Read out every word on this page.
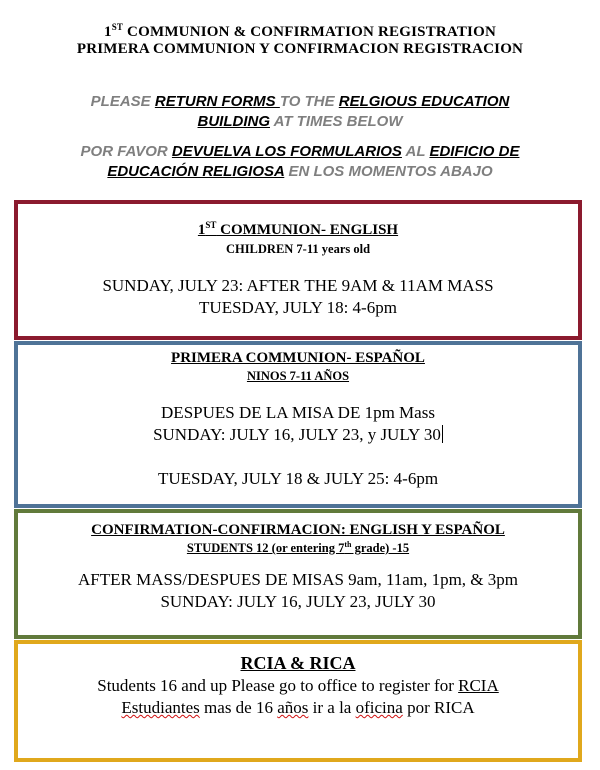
1ST COMMUNION & CONFIRMATION REGISTRATION
PRIMERA COMMUNION Y CONFIRMACION REGISTRACION
PLEASE RETURN FORMS TO THE RELGIOUS EDUCATION
BUILDING AT TIMES BELOW
POR FAVOR DEVUELVA LOS FORMULARIOS AL EDIFICIO DE
EDUCACIÓN RELIGIOSA EN LOS MOMENTOS ABAJO
1ST COMMUNION- ENGLISH
CHILDREN 7-11 years old
SUNDAY, JULY 23: AFTER THE 9AM & 11AM MASS
TUESDAY, JULY 18: 4-6pm
PRIMERA COMMUNION- ESPAÑOL
NINOS 7-11 AÑOS
DESPUES DE LA MISA DE 1pm Mass
SUNDAY: JULY 16, JULY 23, y JULY 30
TUESDAY, JULY 18 & JULY 25: 4-6pm
CONFIRMATION-CONFIRMACION: ENGLISH Y ESPAÑOL
STUDENTS 12 (or entering 7th grade) -15
AFTER MASS/DESPUES DE MISAS 9am, 11am, 1pm, & 3pm
SUNDAY: JULY 16, JULY 23, JULY 30
RCIA & RICA
Students 16 and up Please go to office to register for RCIA
Estudiantes mas de 16 años ir a la oficina por RICA
